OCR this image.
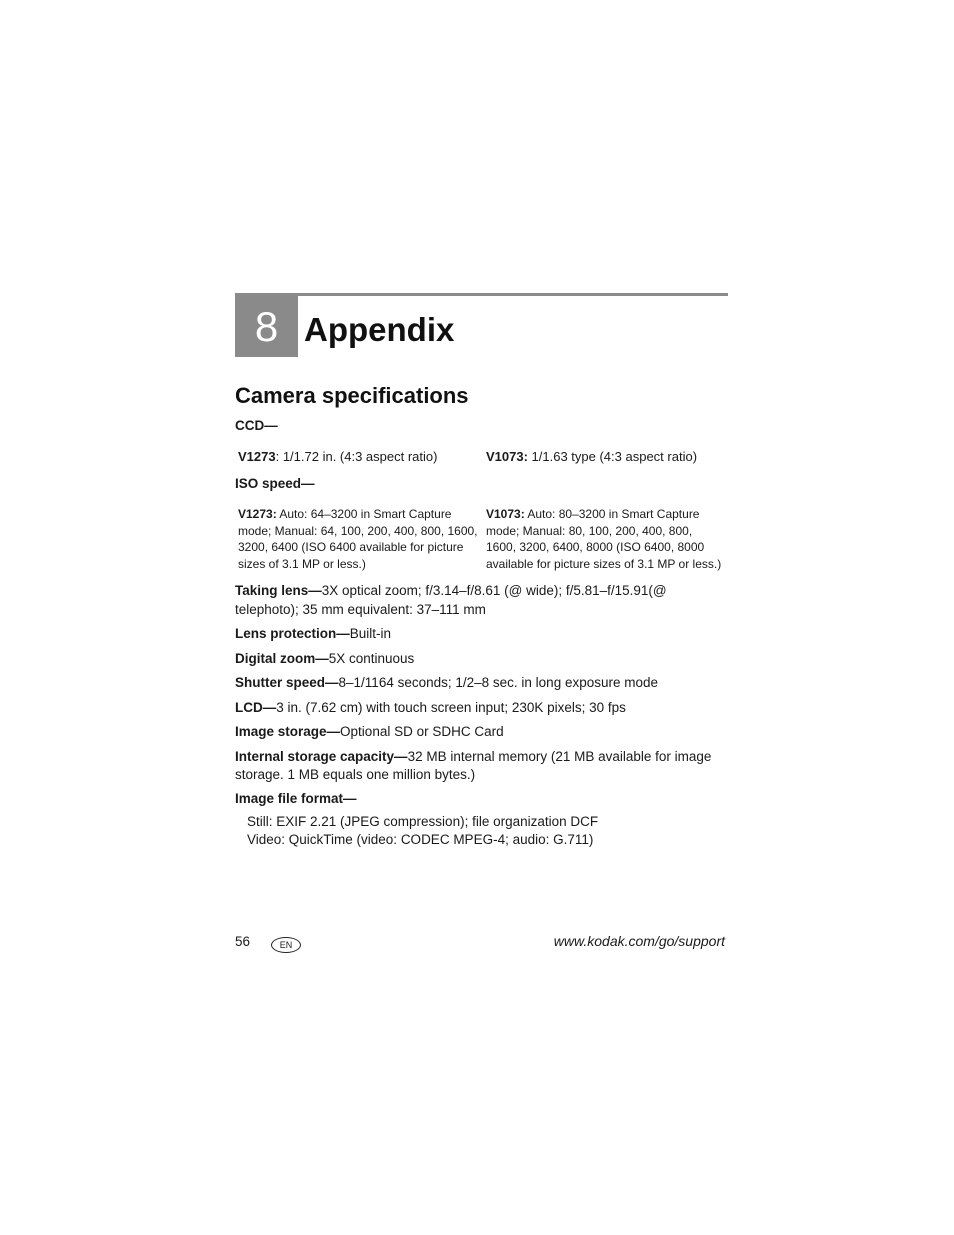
8 Appendix
Camera specifications
CCD—
V1273: 1/1.72 in. (4:3 aspect ratio)	V1073: 1/1.63 type (4:3 aspect ratio)
ISO speed—
V1273: Auto: 64–3200 in Smart Capture
mode; Manual: 64, 100, 200, 400, 800, 1600,
3200, 6400 (ISO 6400 available for picture
sizes of 3.1 MP or less.)
V1073: Auto: 80–3200 in Smart Capture
mode; Manual: 80, 100, 200, 400, 800,
1600, 3200, 6400, 8000 (ISO 6400, 8000
available for picture sizes of 3.1 MP or less.)
Taking lens—3X optical zoom; f/3.14–f/8.61 (@ wide); f/5.81–f/15.91(@
telephoto); 35 mm equivalent: 37–111 mm
Lens protection—Built-in
Digital zoom—5X continuous
Shutter speed—8–1/1164 seconds; 1/2–8 sec. in long exposure mode
LCD—3 in. (7.62 cm) with touch screen input; 230K pixels; 30 fps
Image storage—Optional SD or SDHC Card
Internal storage capacity—32 MB internal memory (21 MB available for image
storage. 1 MB equals one million bytes.)
Image file format—
Still: EXIF 2.21 (JPEG compression); file organization DCF
Video: QuickTime (video: CODEC MPEG-4; audio: G.711)
56	EN	www.kodak.com/go/support
